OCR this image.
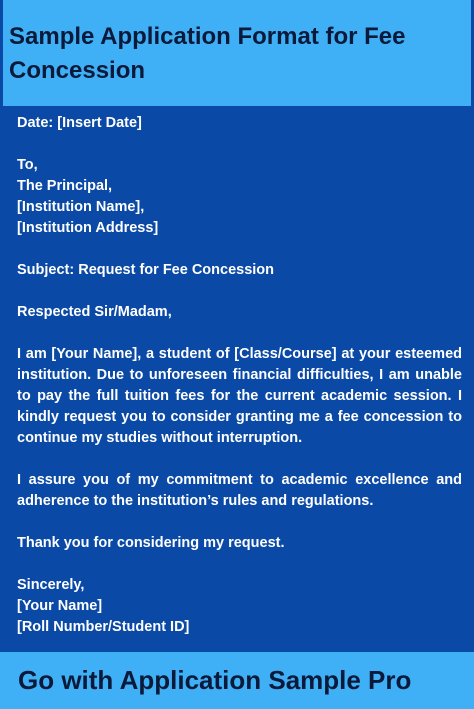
Sample Application Format for Fee Concession

Date: [Insert Date]

To,
The Principal,
[Institution Name],
[Institution Address]

Subject: Request for Fee Concession

Respected Sir/Madam,

I am [Your Name], a student of [Class/Course] at your esteemed institution. Due to unforeseen financial difficulties, I am unable to pay the full tuition fees for the current academic session. I kindly request you to consider granting me a fee concession to continue my studies without interruption.

I assure you of my commitment to academic excellence and adherence to the institution’s rules and regulations.

Thank you for considering my request.

Sincerely,
[Your Name]
[Roll Number/Student ID]

Go with Application Sample Pro
